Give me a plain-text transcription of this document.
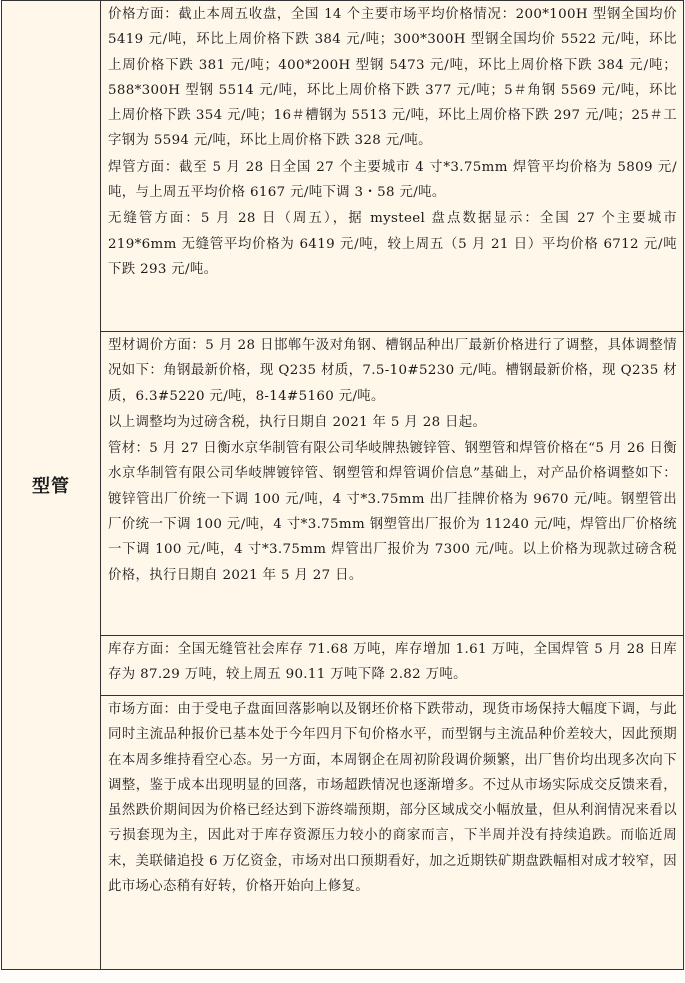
型管	

价格方面：截止本周五收盘，全国 14 个主要市场平均价格情况：200*100H 型钢全国均价 5419 元/吨，环比上周价格下跌 384 元/吨；300*300H 型钢全国均价 5522 元/吨，环比上周价格下跌 381 元/吨；400*200H 型钢 5473 元/吨，环比上周价格下跌 384 元/吨；588*300H 型钢 5514 元/吨，环比上周价格下跌 377 元/吨；5＃角钢 5569 元/吨，环比上周价格下跌 354 元/吨；16＃槽钢为 5513 元/吨，环比上周价格下跌 297 元/吨；25＃工字钢为 5594 元/吨，环比上周价格下跌 328 元/吨。

焊管方面：截至 5 月 28 日全国 27 个主要城市 4 寸*3.75mm 焊管平均价格为 5809 元/吨，与上周五平均价格 6167 元/吨下调 3・58 元/吨。

无缝管方面：5 月 28 日（周五），据 mysteel 盘点数据显示：全国 27 个主要城市 219*6mm 无缝管平均价格为 6419 元/吨，较上周五（5 月 21 日）平均价格 6712 元/吨下跌 293 元/吨。

型材调价方面：5 月 28 日邯郸午汲对角钢、槽钢品种出厂最新价格进行了调整，具体调整情况如下：角钢最新价格，现 Q235 材质，7.5-10#5230 元/吨。槽钢最新价格，现 Q235 材质，6.3#5220 元/吨，8-14#5160 元/吨。

以上调整均为过磅含税，执行日期自 2021 年 5 月 28 日起。

管材：5 月 27 日衡水京华制管有限公司华岐牌热镀锌管、钢塑管和焊管价格在“5 月 26 日衡水京华制管有限公司华岐牌镀锌管、钢塑管和焊管调价信息”基础上，对产品价格调整如下：镀锌管出厂价统一下调 100 元/吨，4 寸*3.75mm 出厂挂牌价格为 9670 元/吨。钢塑管出厂价统一下调 100 元/吨，4 寸*3.75mm 钢塑管出厂报价为 11240 元/吨，焊管出厂价格统一下调 100 元/吨，4 寸*3.75mm 焊管出厂报价为 7300 元/吨。以上价格为现款过磅含税价格，执行日期自 2021 年 5 月 27 日。

库存方面：全国无缝管社会库存 71.68 万吨，库存增加 1.61 万吨，全国焊管 5 月 28 日库存为 87.29 万吨，较上周五 90.11 万吨下降 2.82 万吨。

市场方面：由于受电子盘面回落影响以及钢坯价格下跌带动，现货市场保持大幅度下调，与此同时主流品种报价已基本处于今年四月下旬价格水平，而型钢与主流品种价差较大，因此预期在本周多维持看空心态。另一方面，本周钢企在周初阶段调价频繁，出厂售价均出现多次向下调整，鉴于成本出现明显的回落，市场超跌情况也逐渐增多。不过从市场实际成交反馈来看，虽然跌价期间因为价格已经达到下游终端预期，部分区域成交小幅放量，但从利润情况来看以亏损套现为主，因此对于库存资源压力较小的商家而言，下半周并没有持续追跌。而临近周末，美联储追投 6 万亿资金，市场对出口预期看好，加之近期铁矿期盘跌幅相对成才较窄，因此市场心态稍有好转，价格开始向上修复。
